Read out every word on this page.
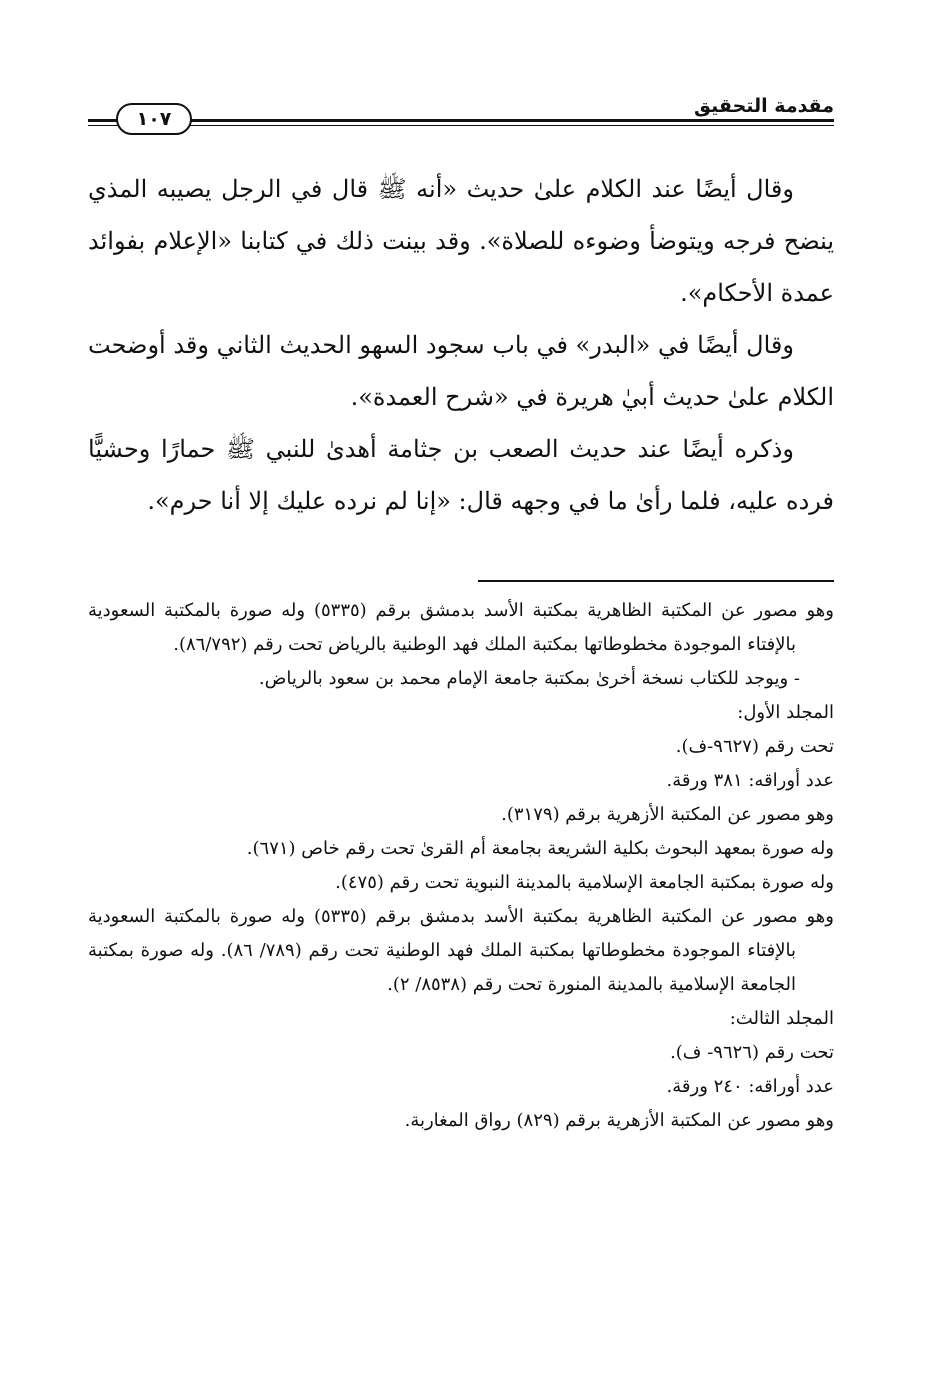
مقدمة التحقيق
١٠٧

وقال أيضًا عند الكلام علىٰ حديث «أنه ﷺ قال في الرجل يصيبه المذي ينضح فرجه ويتوضأ وضوءه للصلاة». وقد بينت ذلك في كتابنا «الإعلام بفوائد عمدة الأحكام».

وقال أيضًا في «البدر» في باب سجود السهو الحديث الثاني وقد أوضحت الكلام علىٰ حديث أبيٰ هريرة في «شرح العمدة».

وذكره أيضًا عند حديث الصعب بن جثامة أهدىٰ للنبي ﷺ حمارًا وحشيًّا فرده عليه، فلما رأىٰ ما في وجهه قال: «إنا لم نرده عليك إلا أنا حرم».

وهو مصور عن المكتبة الظاهرية بمكتبة الأسد بدمشق برقم (٥٣٣٥) وله صورة بالمكتبة السعودية بالإفتاء الموجودة مخطوطاتها بمكتبة الملك فهد الوطنية بالرياض تحت رقم (٨٦/٧٩٢).

- ويوجد للكتاب نسخة أخرىٰ بمكتبة جامعة الإمام محمد بن سعود بالرياض.

المجلد الأول:

تحت رقم (٩٦٢٧-ف).

عدد أوراقه: ٣٨١ ورقة.

وهو مصور عن المكتبة الأزهرية برقم (٣١٧٩).

وله صورة بمعهد البحوث بكلية الشريعة بجامعة أم القرىٰ تحت رقم خاص (٦٧١).

وله صورة بمكتبة الجامعة الإسلامية بالمدينة النبوية تحت رقم (٤٧٥).

وهو مصور عن المكتبة الظاهرية بمكتبة الأسد بدمشق برقم (٥٣٣٥) وله صورة بالمكتبة السعودية بالإفتاء الموجودة مخطوطاتها بمكتبة الملك فهد الوطنية تحت رقم (٧٨٩/ ٨٦). وله صورة بمكتبة الجامعة الإسلامية بالمدينة المنورة تحت رقم (٨٥٣٨/ ٢).

المجلد الثالث:

تحت رقم (٩٦٢٦- ف).

عدد أوراقه: ٢٤٠ ورقة.

وهو مصور عن المكتبة الأزهرية برقم (٨٢٩) رواق المغاربة.
